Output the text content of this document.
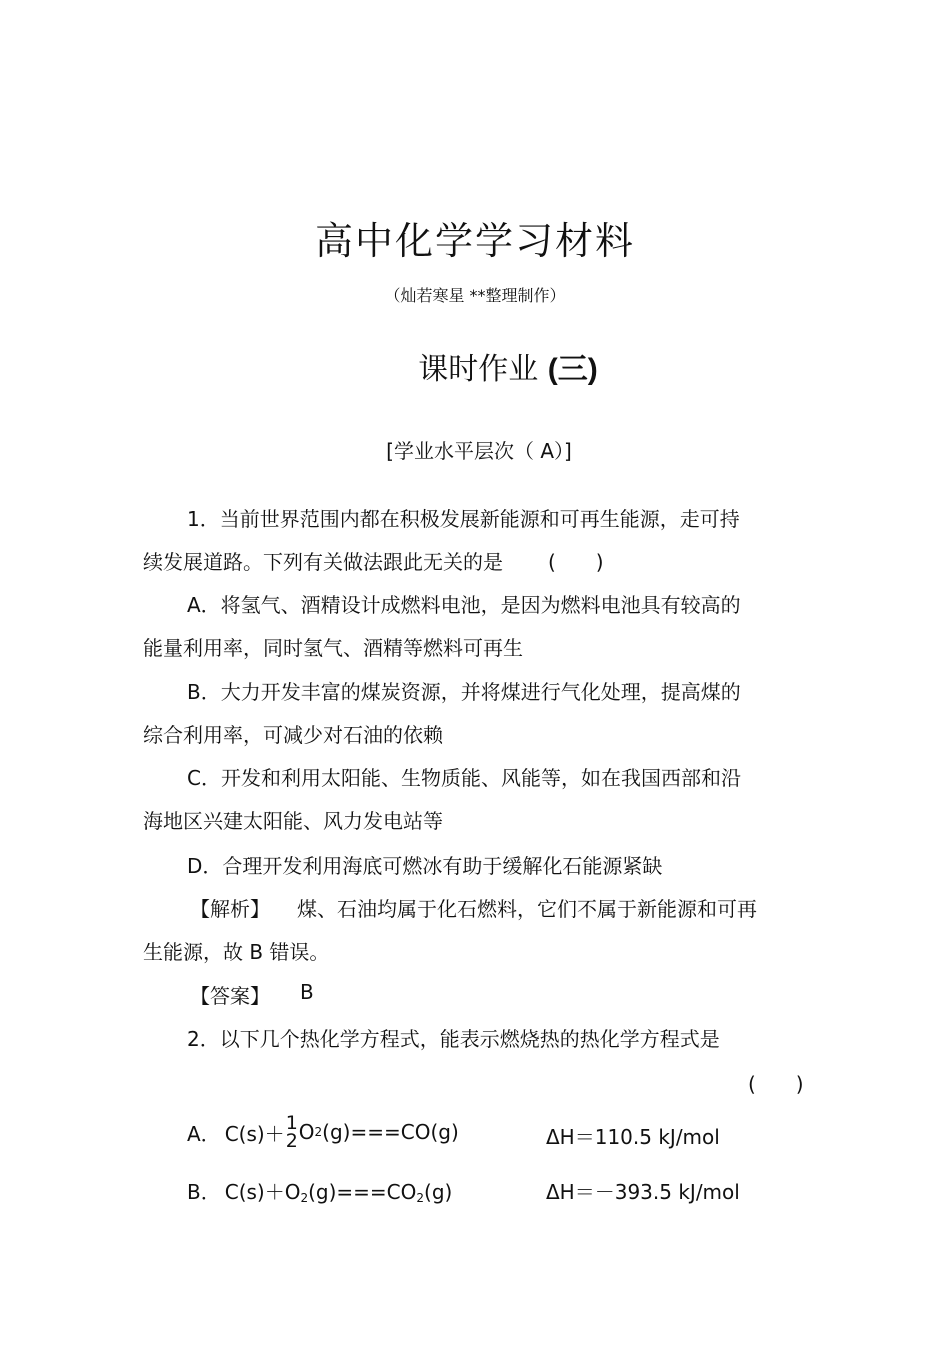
高中化学学习材料
（灿若寒星 **整理制作）
课时作业 (三)
[学业水平层次（ A）]
1．当前世界范围内都在积极发展新能源和可再生能源，走可持
续发展道路。下列有关做法跟此无关的是 (　　)
A．将氢气、酒精设计成燃料电池，是因为燃料电池具有较高的
能量利用率，同时氢气、酒精等燃料可再生
B．大力开发丰富的煤炭资源，并将煤进行气化处理，提高煤的
综合利用率，可减少对石油的依赖
C．开发和利用太阳能、生物质能、风能等，如在我国西部和沿
海地区兴建太阳能、风力发电站等
D．合理开发利用海底可燃冰有助于缓解化石能源紧缺
【解析】 煤、石油均属于化石燃料，它们不属于新能源和可再
生能源，故 B 错误。
【答案】 B
2．以下几个热化学方程式，能表示燃烧热的热化学方程式是
(　　)
A． C(s)＋ 1
2 O 2 (g)===CO(g)	ΔH＝110.5 kJ/mol
B． $C(s)+O_2(g)===CO_2(g)$	ΔH＝－393.5 kJ/mol
